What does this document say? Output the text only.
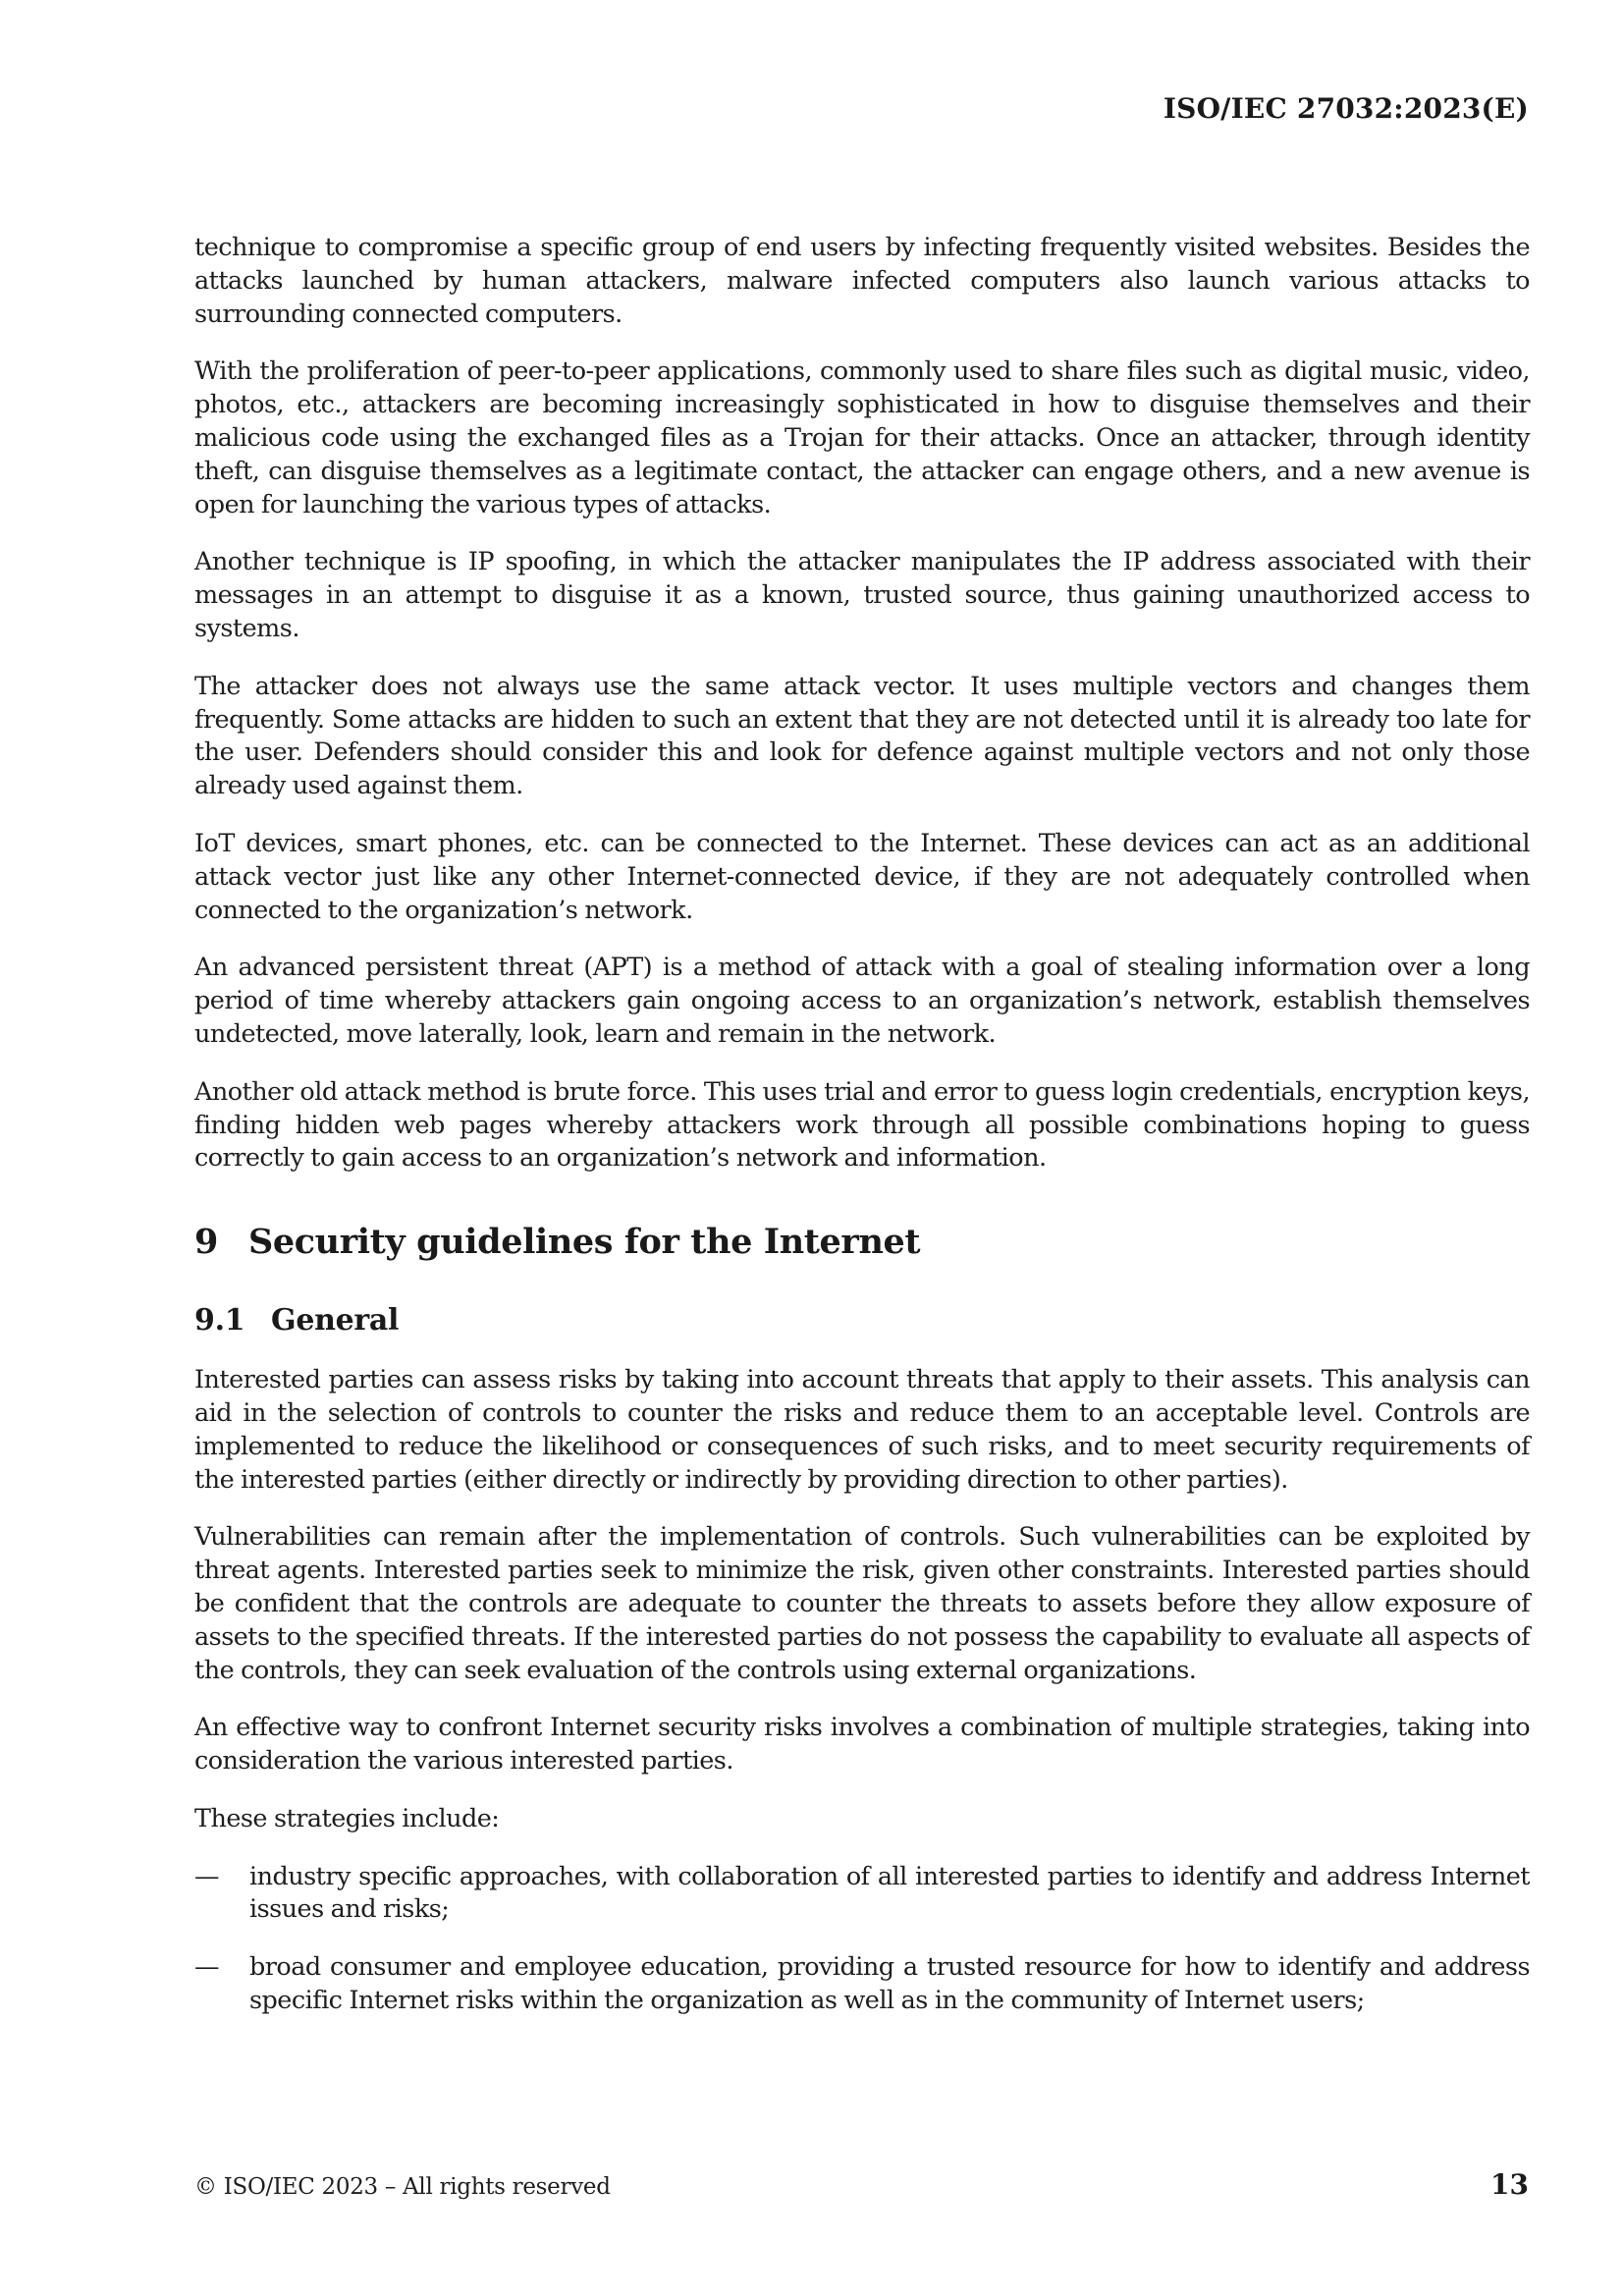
ISO/IEC 27032:2023(E)

technique to compromise a specific group of end users by infecting frequently visited websites. Besides the attacks launched by human attackers, malware infected computers also launch various attacks to surrounding connected computers.

With the proliferation of peer-to-peer applications, commonly used to share files such as digital music, video, photos, etc., attackers are becoming increasingly sophisticated in how to disguise themselves and their malicious code using the exchanged files as a Trojan for their attacks. Once an attacker, through identity theft, can disguise themselves as a legitimate contact, the attacker can engage others, and a new avenue is open for launching the various types of attacks.

Another technique is IP spoofing, in which the attacker manipulates the IP address associated with their messages in an attempt to disguise it as a known, trusted source, thus gaining unauthorized access to systems.

The attacker does not always use the same attack vector. It uses multiple vectors and changes them frequently. Some attacks are hidden to such an extent that they are not detected until it is already too late for the user. Defenders should consider this and look for defence against multiple vectors and not only those already used against them.

IoT devices, smart phones, etc. can be connected to the Internet. These devices can act as an additional attack vector just like any other Internet-connected device, if they are not adequately controlled when connected to the organization’s network.

An advanced persistent threat (APT) is a method of attack with a goal of stealing information over a long period of time whereby attackers gain ongoing access to an organization’s network, establish themselves undetected, move laterally, look, learn and remain in the network.

Another old attack method is brute force. This uses trial and error to guess login credentials, encryption keys, finding hidden web pages whereby attackers work through all possible combinations hoping to guess correctly to gain access to an organization’s network and information.

9 Security guidelines for the Internet
9.1 General

Interested parties can assess risks by taking into account threats that apply to their assets. This analysis can aid in the selection of controls to counter the risks and reduce them to an acceptable level. Controls are implemented to reduce the likelihood or consequences of such risks, and to meet security requirements of the interested parties (either directly or indirectly by providing direction to other parties).

Vulnerabilities can remain after the implementation of controls. Such vulnerabilities can be exploited by threat agents. Interested parties seek to minimize the risk, given other constraints. Interested parties should be confident that the controls are adequate to counter the threats to assets before they allow exposure of assets to the specified threats. If the interested parties do not possess the capability to evaluate all aspects of the controls, they can seek evaluation of the controls using external organizations.

An effective way to confront Internet security risks involves a combination of multiple strategies, taking into consideration the various interested parties.

These strategies include:

— industry specific approaches, with collaboration of all interested parties to identify and address Internet issues and risks;
— broad consumer and employee education, providing a trusted resource for how to identify and address specific Internet risks within the organization as well as in the community of Internet users;
© ISO/IEC 2023 – All rights reserved	13
